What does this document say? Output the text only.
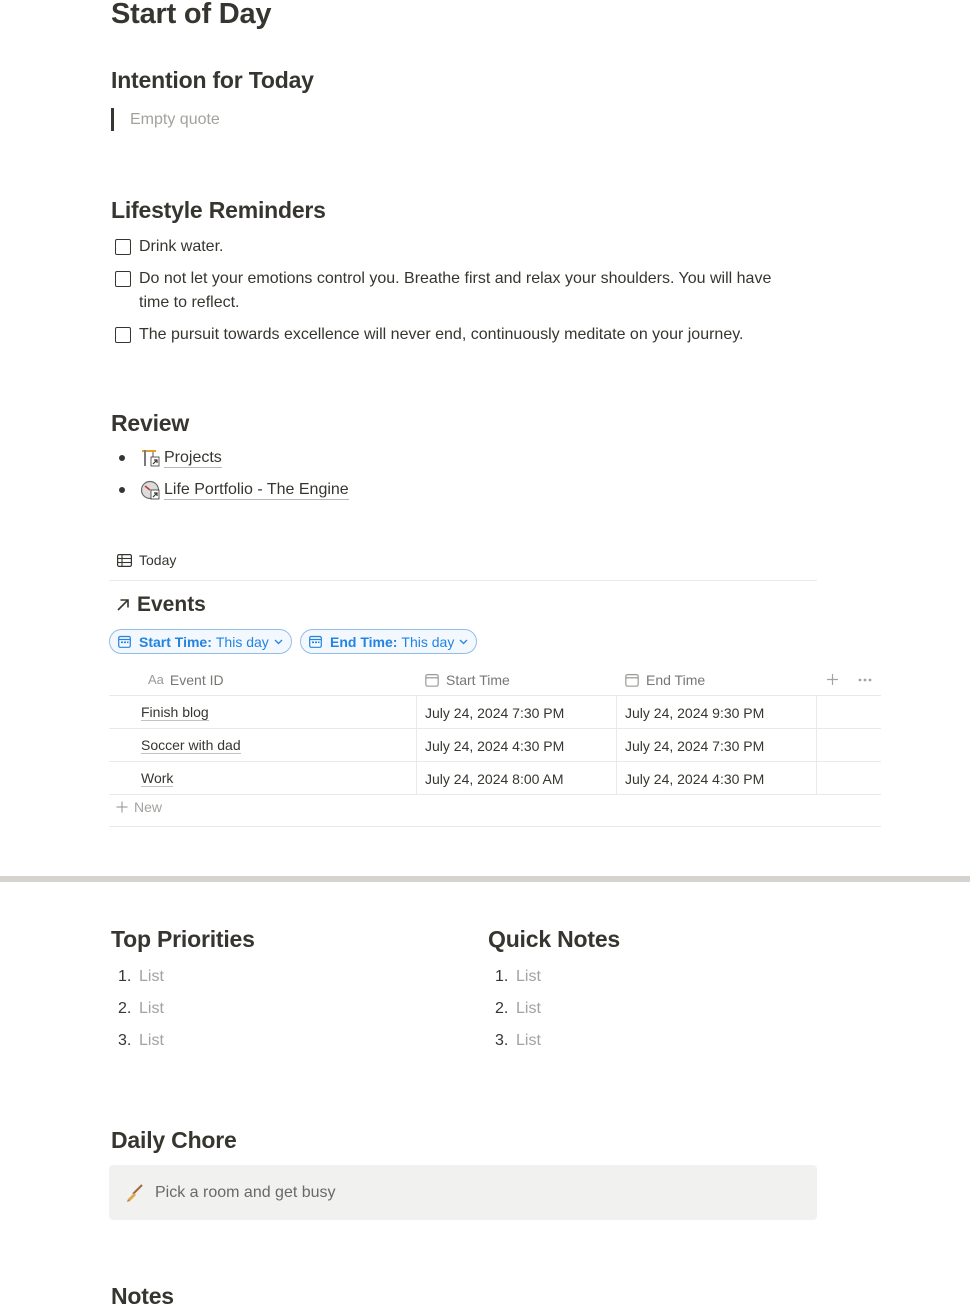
Start of Day
Intention for Today
Empty quote
Lifestyle Reminders
Drink water.
Do not let your emotions control you. Breathe first and relax your shoulders. You will have
time to reflect.
The pursuit towards excellence will never end, continuously meditate on your journey.
Review
Projects
Life Portfolio - The Engine
Today
Events
Start Time: This day	End Time: This day
Aa Event ID	Start Time	End Time
Finish blog	July 24, 2024 7:30 PM	July 24, 2024 9:30 PM
Soccer with dad	July 24, 2024 4:30 PM	July 24, 2024 7:30 PM
Work	July 24, 2024 8:00 AM	July 24, 2024 4:30 PM
New
Top Priorities
1. List
2. List
3. List
Quick Notes
1. List
2. List
3. List
Daily Chore
Pick a room and get busy
Notes
